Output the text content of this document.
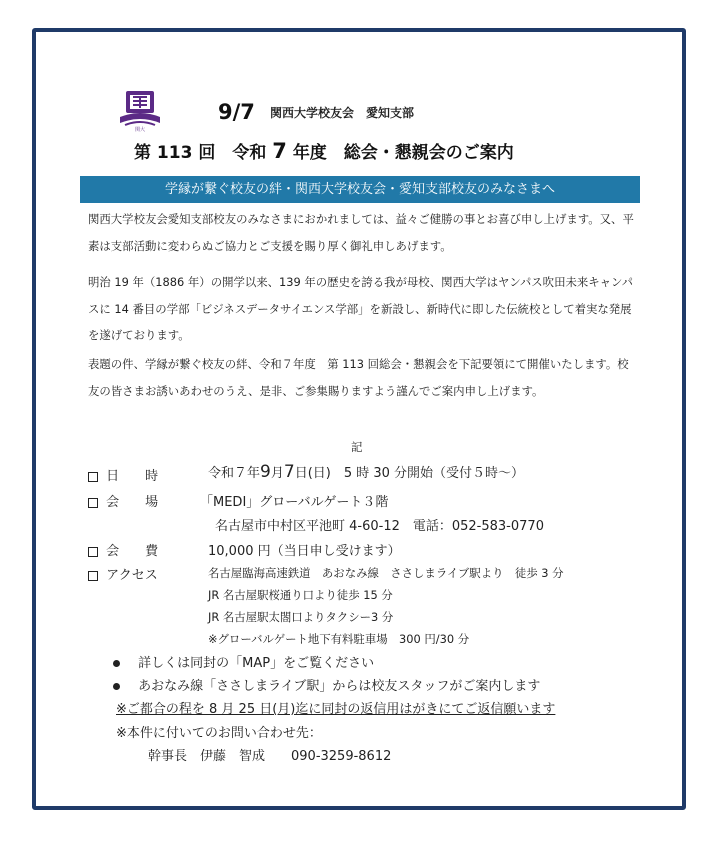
関大
9/7 関西大学校友会　愛知支部
第 113 回　令和 7 年度　総会・懇親会のご案内
学縁が繋ぐ校友の絆・関西大学校友会・愛知支部校友のみなさまへ
関西大学校友会愛知支部校友のみなさまにおかれましては、益々ご健勝の事とお喜び申し上げます。又、平素は支部活動に変わらぬご協力とご支援を賜り厚く御礼申しあげます。
明治 19 年（1886 年）の開学以来、139 年の歴史を誇る我が母校、関西大学はヤンパス吹田未来キャンパスに 14 番目の学部「ビジネスデータサイエンス学部」を新設し、新時代に即した伝統校として着実な発展を遂げております。
表題の件、学縁が繋ぐ校友の絆、令和７年度　第 113 回総会・懇親会を下記要領にて開催いたします。校友の皆さまお誘いあわせのうえ、是非、ご参集賜りますよう謹んでご案内申し上げます。
記
日　　時	令和７年9月7日(日)　5 時 30 分開始（受付５時～）
会　　場	「MEDI」グローバルゲート３階
名古屋市中村区平池町 4-60-12　電話：052-583-0770
会　　費	10,000 円（当日申し受けます）
アクセス	名古屋臨海高速鉄道　あおなみ線　ささしまライブ駅より　徒歩 3 分
JR 名古屋駅桜通り口より徒歩 15 分
JR 名古屋駅太閤口よりタクシー3 分
※グローバルゲート地下有料駐車場　300 円/30 分
詳しくは同封の「MAP」をご覧ください
あおなみ線「ささしまライブ駅」からは校友スタッフがご案内します
※ご都合の程を 8 月 25 日(月)迄に同封の返信用はがきにてご返信願います
※本件に付いてのお問い合わせ先：
幹事長　伊藤　智成　　090-3259-8612
